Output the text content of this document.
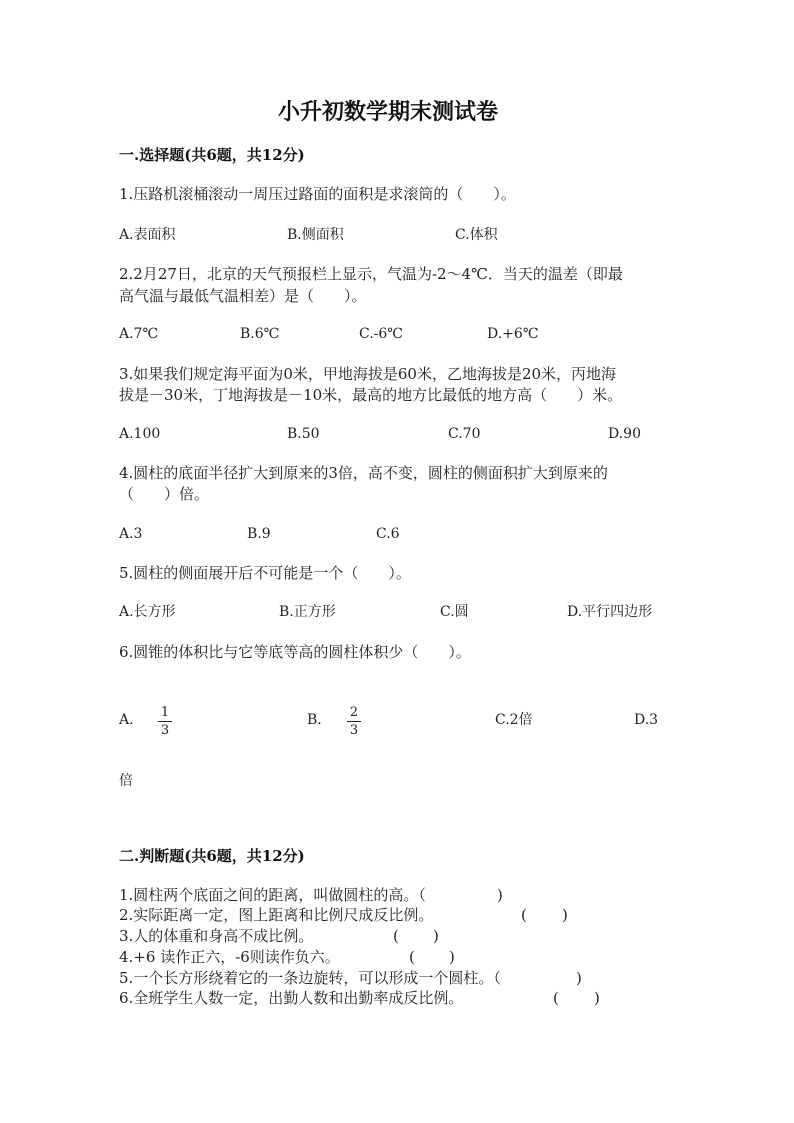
小升初数学期末测试卷
一.选择题(共6题，共12分)
1.压路机滚桶滚动一周压过路面的面积是求滚筒的（　　）。
A.表面积	B.侧面积	C.体积
2.2月27日，北京的天气预报栏上显示，气温为-2～4℃．当天的温差（即最
高气温与最低气温相差）是（　　）。
A.7℃	B.6℃	C.-6℃	D.+6℃
3.如果我们规定海平面为0米，甲地海拔是60米，乙地海拔是20米，丙地海
拔是－30米，丁地海拔是－10米，最高的地方比最低的地方高（　　）米。
A.100	B.50	C.70	D.90
4.圆柱的底面半径扩大到原来的3倍，高不变，圆柱的侧面积扩大到原来的
（　　）倍。
A.3	B.9	C.6
5.圆柱的侧面展开后不可能是一个（　　）。
A.长方形	B.正方形	C.圆	D.平行四边形
6.圆锥的体积比与它等底等高的圆柱体积少（　　）。
A. 1
3
B. 2
3
C.2倍	D.3
倍
二.判断题(共6题，共12分)
1.圆柱两个底面之间的距离，叫做圆柱的高。（	)
2.实际距离一定，图上距离和比例尺成反比例。	( )
3.人的体重和身高不成比例。	( )
4.+6 读作正六，-6则读作负六。	( )
5.一个长方形绕着它的一条边旋转，可以形成一个圆柱。（	)
6.全班学生人数一定，出勤人数和出勤率成反比例。	( )
